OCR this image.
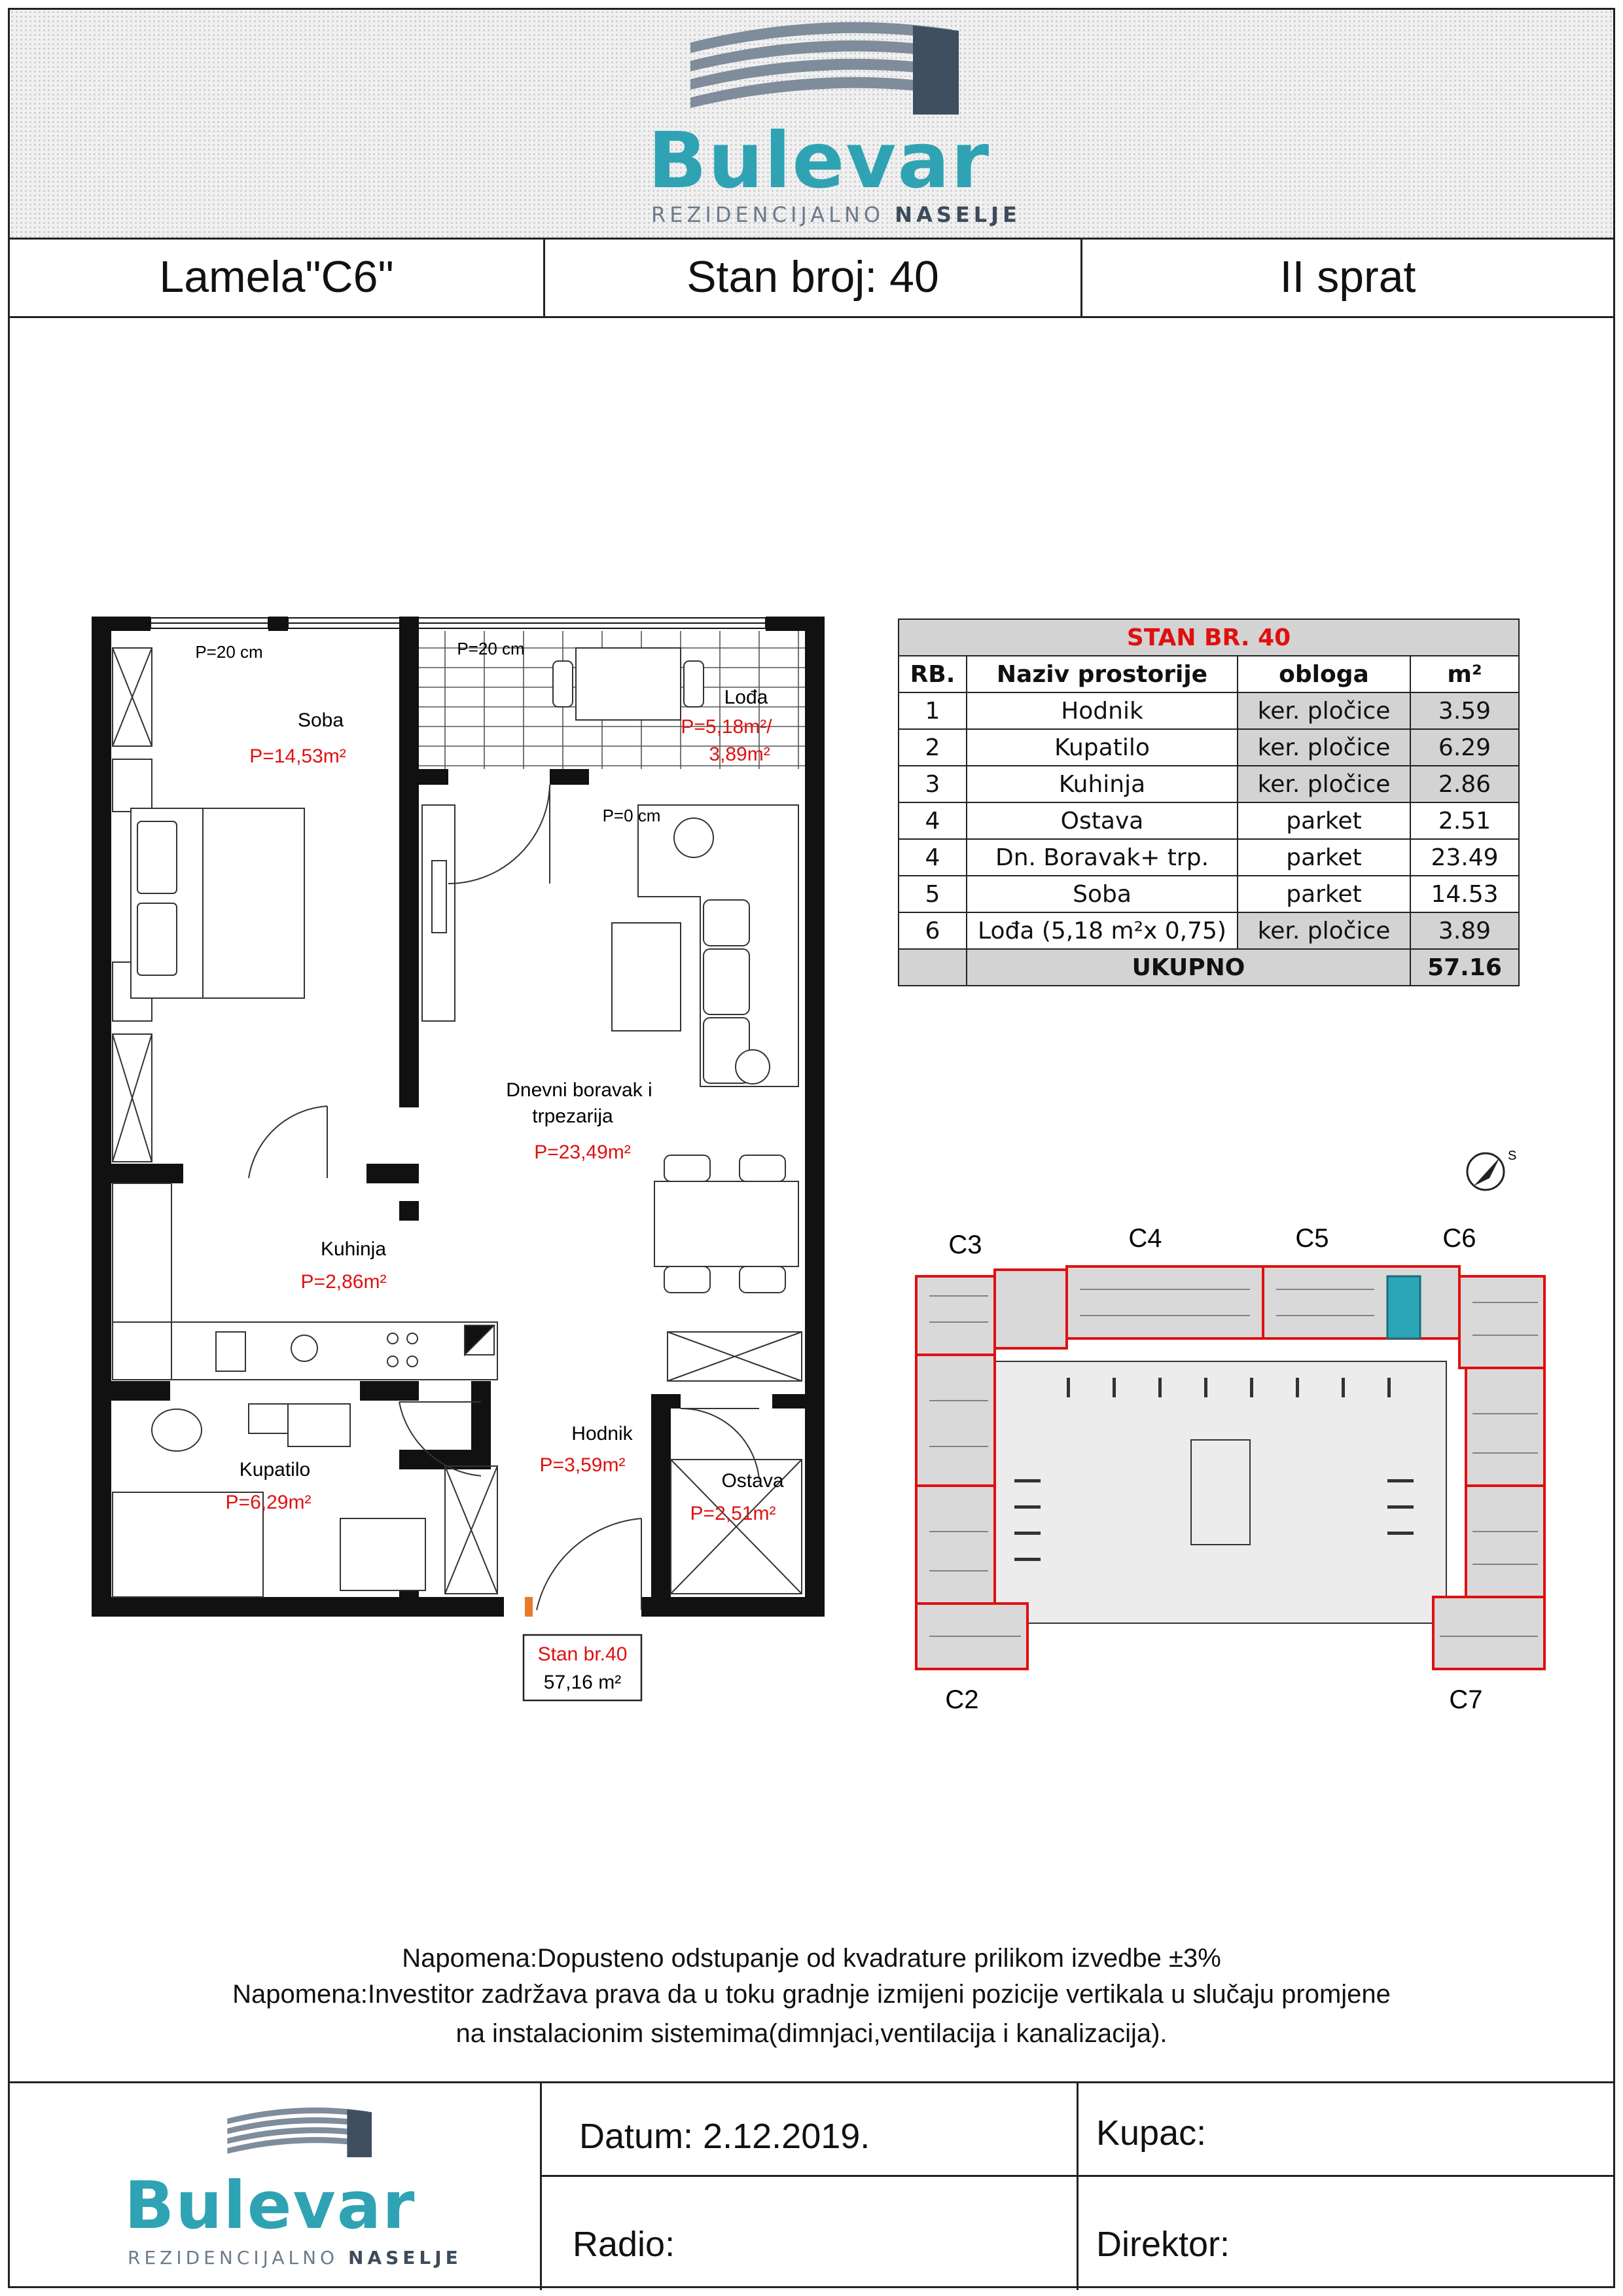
Bulevar
REZIDENCIJALNO NASELJE
Lamela"C6"	Stan broj: 40	II sprat
Soba
P=14,53m²
Lođa
P=5,18m²/
3,89m²
Dnevni boravak i
trpezarija
P=23,49m²
Kuhinja
P=2,86m²
Kupatilo
P=6,29m²
Hodnik
P=3,59m²
Ostava
P=2,51m²
P=20 cm	P=20 cm
P=0 cm
Stan br.40
57,16 m²
STAN BR. 40			
RB.	Naziv prostorije	obloga	m²
1	Hodnik	ker. pločice	3.59
2	Kupatilo	ker. pločice	6.29
3	Kuhinja	ker. pločice	2.86
4	Ostava	parket	2.51
4	Dn. Boravak+ trp.	parket	23.49
5	Soba	parket	14.53
6	Lođa (5,18 m²x 0,75)	ker. pločice	3.89
	UKUPNO		57.16
C3	C4	C5	C6
C2	C7
S
Napomena:Dopusteno odstupanje od kvadrature prilikom izvedbe ±3%
Napomena:Investitor zadržava prava da u toku gradnje izmijeni pozicije vertikala u slučaju promjene
na instalacionim sistemima(dimnjaci,ventilacija i kanalizacija).
Bulevar
REZIDENCIJALNO NASELJE
Datum: 2.12.2019.	Kupac:
Radio:	Direktor:
